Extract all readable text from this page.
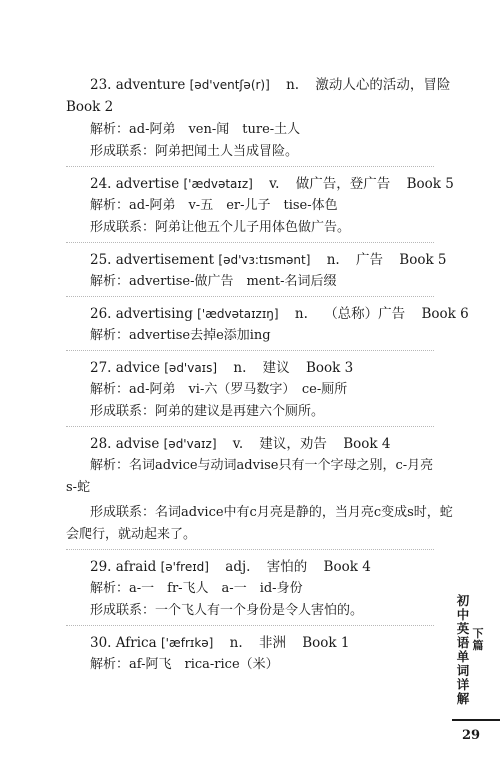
23. adventure [əd'ventʃə(r)] n. 激动人心的活动，冒险
Book 2
解析：ad-阿弟　ven-闻　ture-土人
形成联系：阿弟把闻土人当成冒险。
24. advertise ['ædvətaɪz] v. 做广告，登广告 Book 5
解析：ad-阿弟　v-五　er-儿子　tise-体色
形成联系：阿弟让他五个儿子用体色做广告。
25. advertisement [əd'vɜ:tɪsmənt] n. 广告 Book 5
解析：advertise-做广告　ment-名词后缀
26. advertising ['ædvətaɪzɪŋ] n. （总称）广告 Book 6
解析：advertise去掉e添加ing
27. advice [əd'vaɪs] n. 建议 Book 3
解析：ad-阿弟　vi-六（罗马数字）　ce-厕所
形成联系：阿弟的建议是再建六个厕所。
28. advise [əd'vaɪz] v. 建议，劝告 Book 4
解析：名词advice与动词advise只有一个字母之别，c-月亮
s-蛇
形成联系：名词advice中有c月亮是静的，当月亮c变成s时，蛇
会爬行，就动起来了。
29. afraid [ə'freɪd] adj. 害怕的 Book 4
解析：a-一　fr-飞人　a-一　id-身份
形成联系：一个飞人有一个身份是令人害怕的。
30. Africa ['æfrɪkə] n. 非洲 Book 1
解析：af-阿飞　rica-rice（米）
初中英语单词详解
下篇
29
